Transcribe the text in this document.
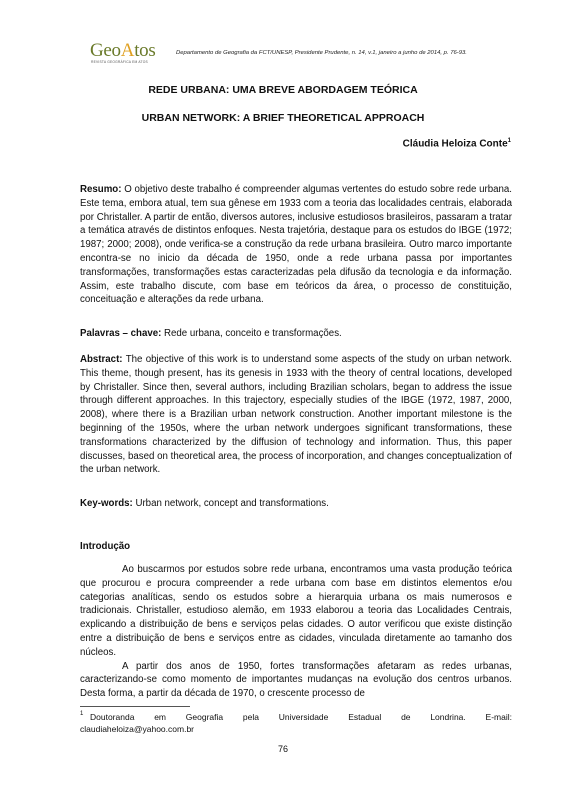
GeoAtos
REVISTA GEOGRÁFICA EM ATOS
Departamento de Geografia da FCT/UNESP, Presidente Prudente, n. 14, v.1, janeiro a junho de 2014, p. 76-93.
REDE URBANA: UMA BREVE ABORDAGEM TEÓRICA
URBAN NETWORK: A BRIEF THEORETICAL APPROACH
Cláudia Heloiza Conte$^1$
Resumo: O objetivo deste trabalho é compreender algumas vertentes do estudo sobre rede urbana. Este tema, embora atual, tem sua gênese em 1933 com a teoria das localidades centrais, elaborada por Christaller. A partir de então, diversos autores, inclusive estudiosos brasileiros, passaram a tratar a temática através de distintos enfoques. Nesta trajetória, destaque para os estudos do IBGE (1972; 1987; 2000; 2008), onde verifica-se a construção da rede urbana brasileira. Outro marco importante encontra-se no inicio da década de 1950, onde a rede urbana passa por importantes transformações, transformações estas caracterizadas pela difusão da tecnologia e da informação. Assim, este trabalho discute, com base em teóricos da área, o processo de constituição, conceituação e alterações da rede urbana.
Palavras – chave: Rede urbana, conceito e transformações.
Abstract: The objective of this work is to understand some aspects of the study on urban network. This theme, though present, has its genesis in 1933 with the theory of central locations, developed by Christaller. Since then, several authors, including Brazilian scholars, began to address the issue through different approaches. In this trajectory, especially studies of the IBGE (1972, 1987, 2000, 2008), where there is a Brazilian urban network construction. Another important milestone is the beginning of the 1950s, where the urban network undergoes significant transformations, these transformations characterized by the diffusion of technology and information. Thus, this paper discusses, based on theoretical area, the process of incorporation, and changes conceptualization of the urban network.
Key-words: Urban network, concept and transformations.
Introdução

Ao buscarmos por estudos sobre rede urbana, encontramos uma vasta produção teórica que procurou e procura compreender a rede urbana com base em distintos elementos e/ou categorias analíticas, sendo os estudos sobre a hierarquia urbana os mais numerosos e tradicionais. Christaller, estudioso alemão, em 1933 elaborou a teoria das Localidades Centrais, explicando a distribuição de bens e serviços pelas cidades. O autor verificou que existe distinção entre a distribuição de bens e serviços entre as cidades, vinculada diretamente ao tamanho dos núcleos.

A partir dos anos de 1950, fortes transformações afetaram as redes urbanas, caracterizando-se como momento de importantes mudanças na evolução dos centros urbanos. Desta forma, a partir da década de 1970, o crescente processo de

1 Doutoranda em Geografia pela Universidade Estadual de Londrina. E-mail:
claudiaheloiza@yahoo.com.br
76
